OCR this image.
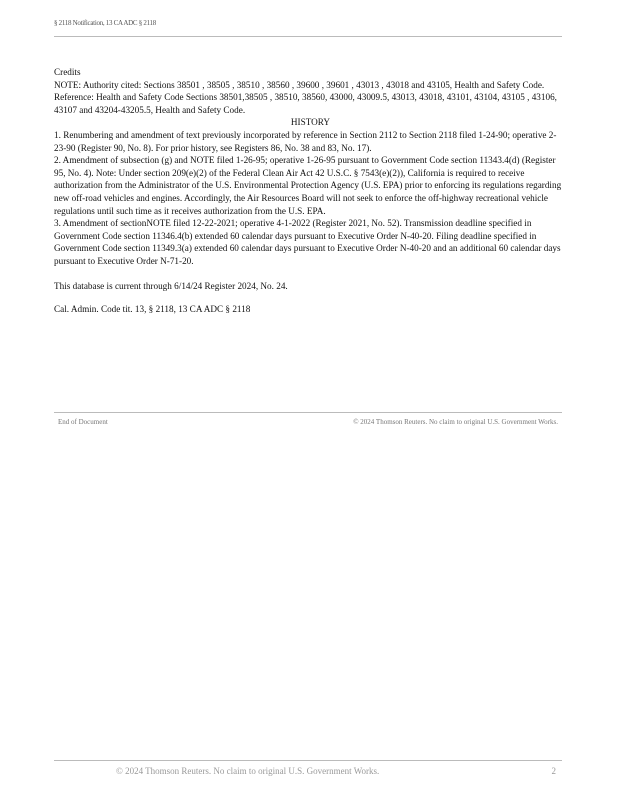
§ 2118 Notification, 13 CA ADC § 2118

Credits

NOTE: Authority cited: Sections 38501 , 38505 , 38510 , 38560 , 39600 , 39601 , 43013 , 43018 and 43105, Health and Safety Code. Reference: Health and Safety Code Sections 38501,38505 , 38510, 38560, 43000, 43009.5, 43013, 43018, 43101, 43104, 43105 , 43106, 43107 and 43204-43205.5, Health and Safety Code.

HISTORY

1. Renumbering and amendment of text previously incorporated by reference in Section 2112 to Section 2118 filed 1-24-90; operative 2-23-90 (Register 90, No. 8). For prior history, see Registers 86, No. 38 and 83, No. 17).

2. Amendment of subsection (g) and NOTE filed 1-26-95; operative 1-26-95 pursuant to Government Code section 11343.4(d) (Register 95, No. 4). Note: Under section 209(e)(2) of the Federal Clean Air Act 42 U.S.C. § 7543(e)(2)), California is required to receive authorization from the Administrator of the U.S. Environmental Protection Agency (U.S. EPA) prior to enforcing its regulations regarding new off-road vehicles and engines. Accordingly, the Air Resources Board will not seek to enforce the off-highway recreational vehicle regulations until such time as it receives authorization from the U.S. EPA.

3. Amendment of sectionNOTE filed 12-22-2021; operative 4-1-2022 (Register 2021, No. 52). Transmission deadline specified in Government Code section 11346.4(b) extended 60 calendar days pursuant to Executive Order N-40-20. Filing deadline specified in Government Code section 11349.3(a) extended 60 calendar days pursuant to Executive Order N-40-20 and an additional 60 calendar days pursuant to Executive Order N-71-20.

This database is current through 6/14/24 Register 2024, No. 24.

Cal. Admin. Code tit. 13, § 2118, 13 CA ADC § 2118

End of Document	© 2024 Thomson Reuters. No claim to original U.S. Government Works.
© 2024 Thomson Reuters. No claim to original U.S. Government Works.	2
